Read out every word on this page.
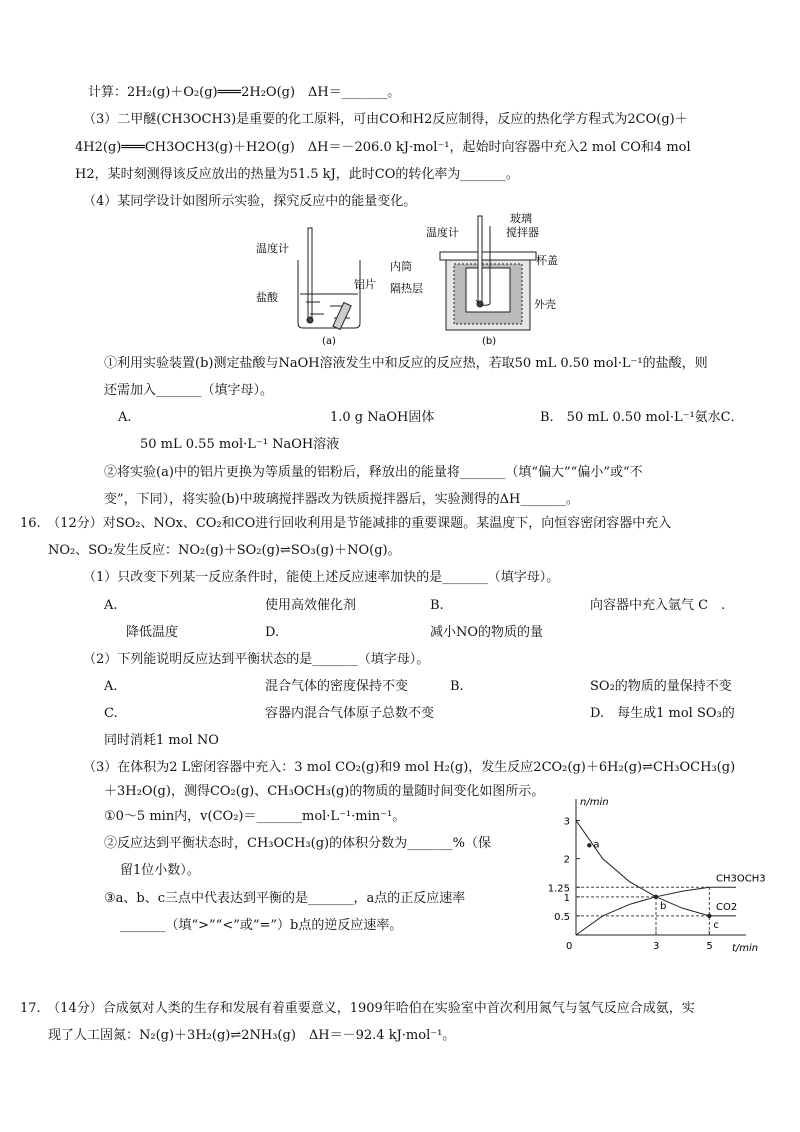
计算：2H₂(g)＋O₂(g)═══2H₂O(g)　ΔH＝_______。
（3）二甲醚(CH3OCH3)是重要的化工原料，可由CO和H2反应制得，反应的热化学方程式为2CO(g)＋
4H2(g)═══CH3OCH3(g)＋H2O(g)　ΔH＝－206.0 kJ·mol⁻¹，起始时向容器中充入2 mol CO和4 mol
H2，某时刻测得该反应放出的热量为51.5 kJ，此时CO的转化率为_______。
（4）某同学设计如图所示实验，探究反应中的能量变化。
温度计
盐酸
铝片
(a)
温度计
玻璃
搅拌器
杯盖
内筒
隔热层
外壳
(b)
①利用实验装置(b)测定盐酸与NaOH溶液发生中和反应的反应热，若取50 mL 0.50 mol·L⁻¹的盐酸，则
还需加入_______（填字母）。
A.	1.0 g NaOH固体	B.　50 mL 0.50 mol·L⁻¹氨水C．
50 mL 0.55 mol·L⁻¹ NaOH溶液
②将实验(a)中的铝片更换为等质量的铝粉后，释放出的能量将_______（填“偏大”“偏小”或“不
变”，下同），将实验(b)中玻璃搅拌器改为铁质搅拌器后，实验测得的ΔH_______。
16.　（12分）对SO₂、NOx、CO₂和CO进行回收利用是节能减排的重要课题。某温度下，向恒容密闭容器中充入
NO₂、SO₂发生反应：NO₂(g)＋SO₂(g)⇌SO₃(g)＋NO(g)。
（1）只改变下列某一反应条件时，能使上述反应速率加快的是_______（填字母）。
A.	使用高效催化剂	B.	向容器中充入氩气 C　.
降低温度	D.	减小NO的物质的量
（2）下列能说明反应达到平衡状态的是_______（填字母）。
A.	混合气体的密度保持不变	B.	SO₂的物质的量保持不变
C.	容器内混合气体原子总数不变	D.　每生成1 mol SO₃的
同时消耗1 mol NO
（3）在体积为2 L密闭容器中充入：3 mol CO₂(g)和9 mol H₂(g)，发生反应2CO₂(g)＋6H₂(g)⇌CH₃OCH₃(g)
＋3H₂O(g)，测得CO₂(g)、CH₃OCH₃(g)的物质的量随时间变化如图所示。
①0～5 min内，v(CO₂)＝_______mol·L⁻¹·min⁻¹。
②反应达到平衡状态时，CH₃OCH₃(g)的体积分数为_______%（保
留1位小数）。
③a、b、c三点中代表达到平衡的是_______，a点的正反应速率
_______（填“>”“<”或“=”）b点的逆反应速率。
t/min
n/min
0	3	5
0.5
1
1.25
2
3
CH3OCH3
CO2
a
b
c
17.　（14分）合成氨对人类的生存和发展有着重要意义，1909年哈伯在实验室中首次利用氮气与氢气反应合成氨，实
现了人工固氮：N₂(g)＋3H₂(g)⇌2NH₃(g)　ΔH＝－92.4 kJ·mol⁻¹。
